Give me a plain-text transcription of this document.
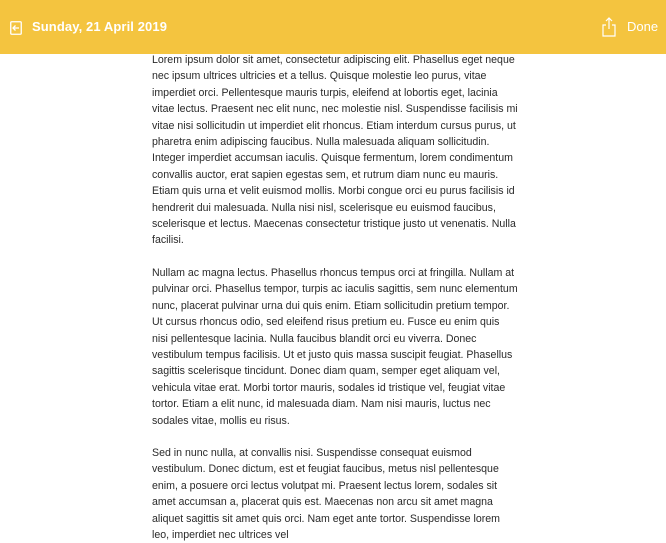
Sunday, 21 April 2019	Done

Lorem ipsum dolor sit amet, consectetur adipiscing elit. Phasellus eget neque nec ipsum ultrices ultricies et a tellus. Quisque molestie leo purus, vitae imperdiet orci. Pellentesque mauris turpis, eleifend at lobortis eget, lacinia vitae lectus. Praesent nec elit nunc, nec molestie nisl. Suspendisse facilisis mi vitae nisi sollicitudin ut imperdiet elit rhoncus. Etiam interdum cursus purus, ut pharetra enim adipiscing faucibus. Nulla malesuada aliquam sollicitudin. Integer imperdiet accumsan iaculis. Quisque fermentum, lorem condimentum convallis auctor, erat sapien egestas sem, et rutrum diam nunc eu mauris. Etiam quis urna et velit euismod mollis. Morbi congue orci eu purus facilisis id hendrerit dui malesuada. Nulla nisi nisl, scelerisque eu euismod faucibus, scelerisque et lectus. Maecenas consectetur tristique justo ut venenatis. Nulla facilisi.

Nullam ac magna lectus. Phasellus rhoncus tempus orci at fringilla. Nullam at pulvinar orci. Phasellus tempor, turpis ac iaculis sagittis, sem nunc elementum nunc, placerat pulvinar urna dui quis enim. Etiam sollicitudin pretium tempor. Ut cursus rhoncus odio, sed eleifend risus pretium eu. Fusce eu enim quis nisi pellentesque lacinia. Nulla faucibus blandit orci eu viverra. Donec vestibulum tempus facilisis. Ut et justo quis massa suscipit feugiat. Phasellus sagittis scelerisque tincidunt. Donec diam quam, semper eget aliquam vel, vehicula vitae erat. Morbi tortor mauris, sodales id tristique vel, feugiat vitae tortor. Etiam a elit nunc, id malesuada diam. Nam nisi mauris, luctus nec sodales vitae, mollis eu risus.

Sed in nunc nulla, at convallis nisi. Suspendisse consequat euismod vestibulum. Donec dictum, est et feugiat faucibus, metus nisl pellentesque enim, a posuere orci lectus volutpat mi. Praesent lectus lorem, sodales sit amet accumsan a, placerat quis est. Maecenas non arcu sit amet magna aliquet sagittis sit amet quis orci. Nam eget ante tortor. Suspendisse lorem leo, imperdiet nec ultrices vel
